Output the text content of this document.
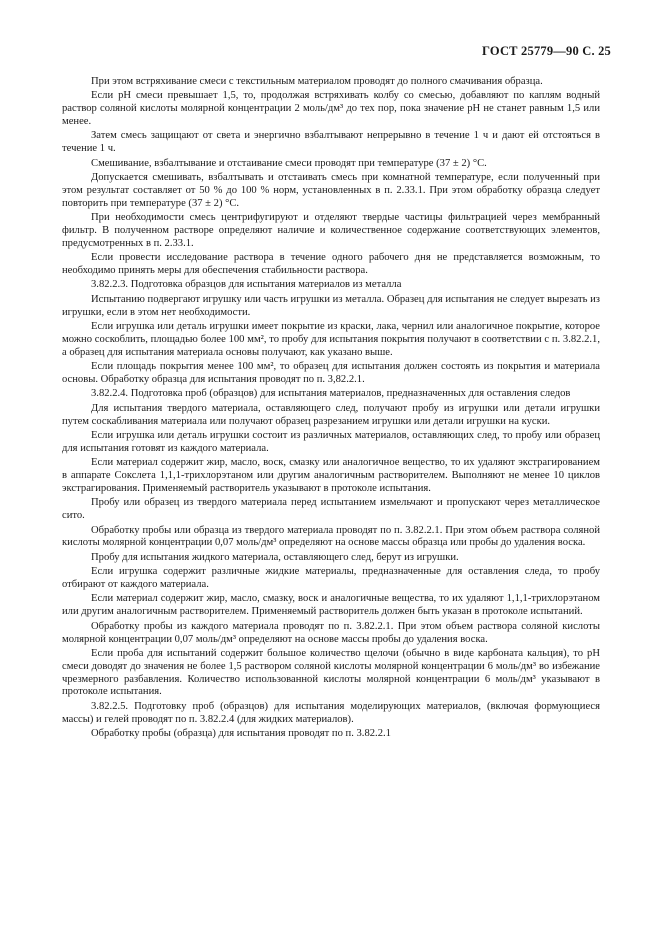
ГОСТ 25779—90 С. 25

При этом встряхивание смеси с текстильным материалом проводят до полного смачивания образца.

Если pH смеси превышает 1,5, то, продолжая встряхивать колбу со смесью, добавляют по каплям водный раствор соляной кислоты молярной концентрации 2 моль/дм³ до тех пор, пока значение pH не станет равным 1,5 или менее.

Затем смесь защищают от света и энергично взбалтывают непрерывно в течение 1 ч и дают ей отстояться в течение 1 ч.

Смешивание, взбалтывание и отстаивание смеси проводят при температуре (37 ± 2) °С.

Допускается смешивать, взбалтывать и отстаивать смесь при комнатной температуре, если полученный при этом результат составляет от 50 % до 100 % норм, установленных в п. 2.33.1. При этом обработку образца следует повторить при температуре (37 ± 2) °С.

При необходимости смесь центрифугируют и отделяют твердые частицы фильтрацией через мембранный фильтр. В полученном растворе определяют наличие и количественное содержание соответствующих элементов, предусмотренных в п. 2.33.1.

Если провести исследование раствора в течение одного рабочего дня не представляется возможным, то необходимо принять меры для обеспечения стабильности раствора.

3.82.2.3. Подготовка образцов для испытания материалов из металла

Испытанию подвергают игрушку или часть игрушки из металла. Образец для испытания не следует вырезать из игрушки, если в этом нет необходимости.

Если игрушка или деталь игрушки имеет покрытие из краски, лака, чернил или аналогичное покрытие, которое можно соскоблить, площадью более 100 мм², то пробу для испытания покрытия получают в соответствии с п. 3.82.2.1, а образец для испытания материала основы получают, как указано выше.

Если площадь покрытия менее 100 мм², то образец для испытания должен состоять из покрытия и материала основы. Обработку образца для испытания проводят по п. 3,82.2.1.

3.82.2.4. Подготовка проб (образцов) для испытания материалов, предназначенных для оставления следов

Для испытания твердого материала, оставляющего след, получают пробу из игрушки или детали игрушки путем соскабливания материала или получают образец разрезанием игрушки или детали игрушки на куски.

Если игрушка или деталь игрушки состоит из различных материалов, оставляющих след, то пробу или образец для испытания готовят из каждого материала.

Если материал содержит жир, масло, воск, смазку или аналогичное вещество, то их удаляют экстрагированием в аппарате Сокслета 1,1,1-трихлорэтаном или другим аналогичным растворителем. Выполняют не менее 10 циклов экстрагирования. Применяемый растворитель указывают в протоколе испытания.

Пробу или образец из твердого материала перед испытанием измельчают и пропускают через металлическое сито.

Обработку пробы или образца из твердого материала проводят по п. 3.82.2.1. При этом объем раствора соляной кислоты молярной концентрации 0,07 моль/дм³ определяют на основе массы образца или пробы до удаления воска.

Пробу для испытания жидкого материала, оставляющего след, берут из игрушки.

Если игрушка содержит различные жидкие материалы, предназначенные для оставления следа, то пробу отбирают от каждого материала.

Если материал содержит жир, масло, смазку, воск и аналогичные вещества, то их удаляют 1,1,1-трихлорэтаном или другим аналогичным растворителем. Применяемый растворитель должен быть указан в протоколе испытаний.

Обработку пробы из каждого материала проводят по п. 3.82.2.1. При этом объем раствора соляной кислоты молярной концентрации 0,07 моль/дм³ определяют на основе массы пробы до удаления воска.

Если проба для испытаний содержит большое количество щелочи (обычно в виде карбоната кальция), то pH смеси доводят до значения не более 1,5 раствором соляной кислоты молярной концентрации 6 моль/дм³ во избежание чрезмерного разбавления. Количество использованной кислоты молярной концентрации 6 моль/дм³ указывают в протоколе испытания.

3.82.2.5. Подготовку проб (образцов) для испытания моделирующих материалов, (включая формующиеся массы) и гелей проводят по п. 3.82.2.4 (для жидких материалов).

Обработку пробы (образца) для испытания проводят по п. 3.82.2.1
